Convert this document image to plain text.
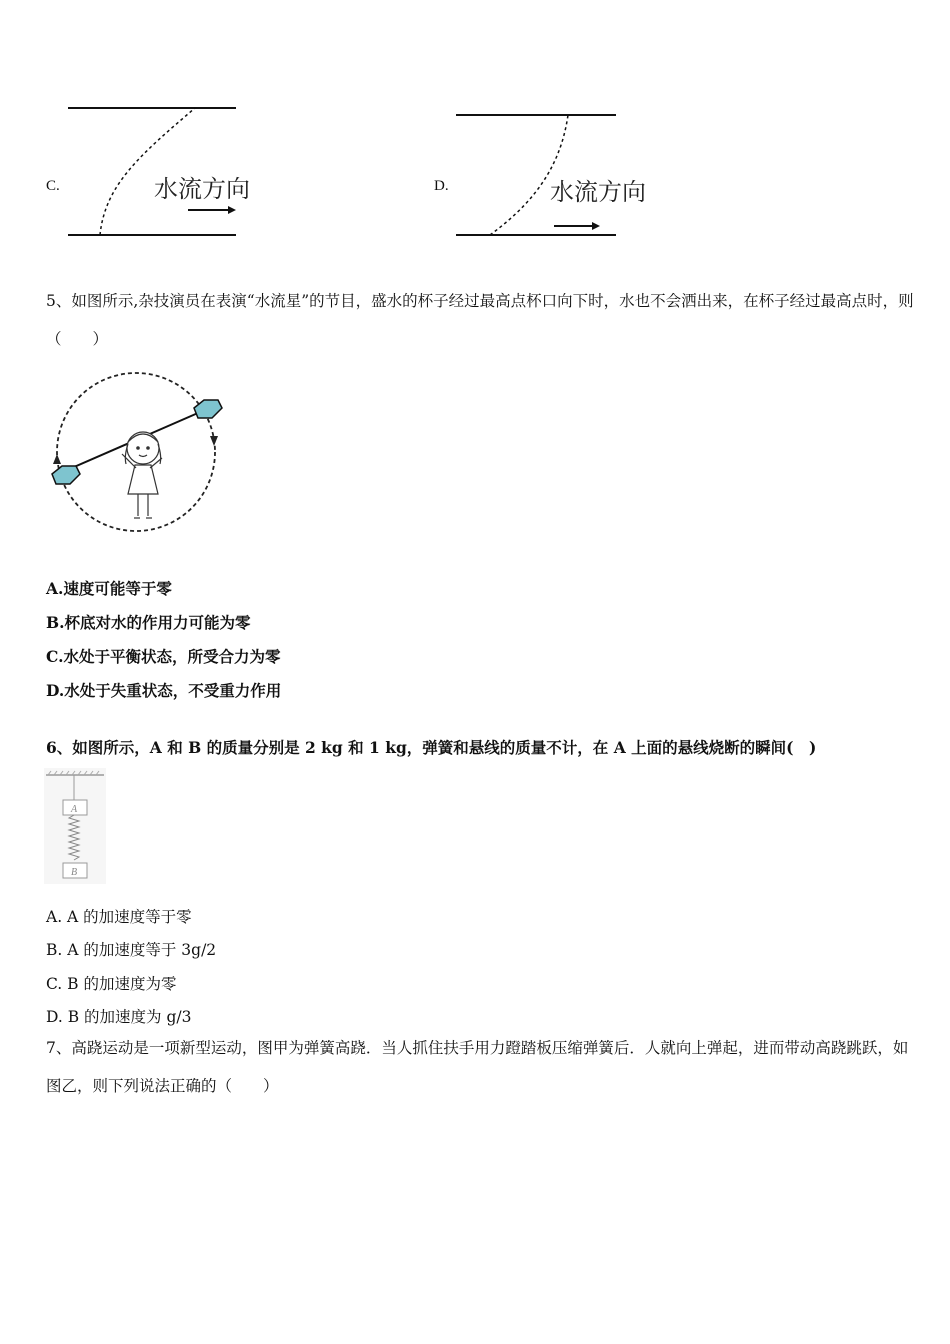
C.	水流方向	D.	水流方向
5、如图所示,杂技演员在表演“水流星”的节目，盛水的杯子经过最高点杯口向下时，水也不会洒出来，在杯子经过最高点时，则（　　）
A.速度可能等于零
B.杯底对水的作用力可能为零
C.水处于平衡状态，所受合力为零
D.水处于失重状态，不受重力作用
6、如图所示，A 和 B 的质量分别是 2 kg 和 1 kg，弹簧和悬线的质量不计，在 A 上面的悬线烧断的瞬间(　)
A
B
A. A 的加速度等于零
B. A 的加速度等于 3g/2
C. B 的加速度为零
D. B 的加速度为 g/3
7、高跷运动是一项新型运动，图甲为弹簧高跷．当人抓住扶手用力蹬踏板压缩弹簧后．人就向上弹起，进而带动高跷跳跃，如图乙，则下列说法正确的（　　）
